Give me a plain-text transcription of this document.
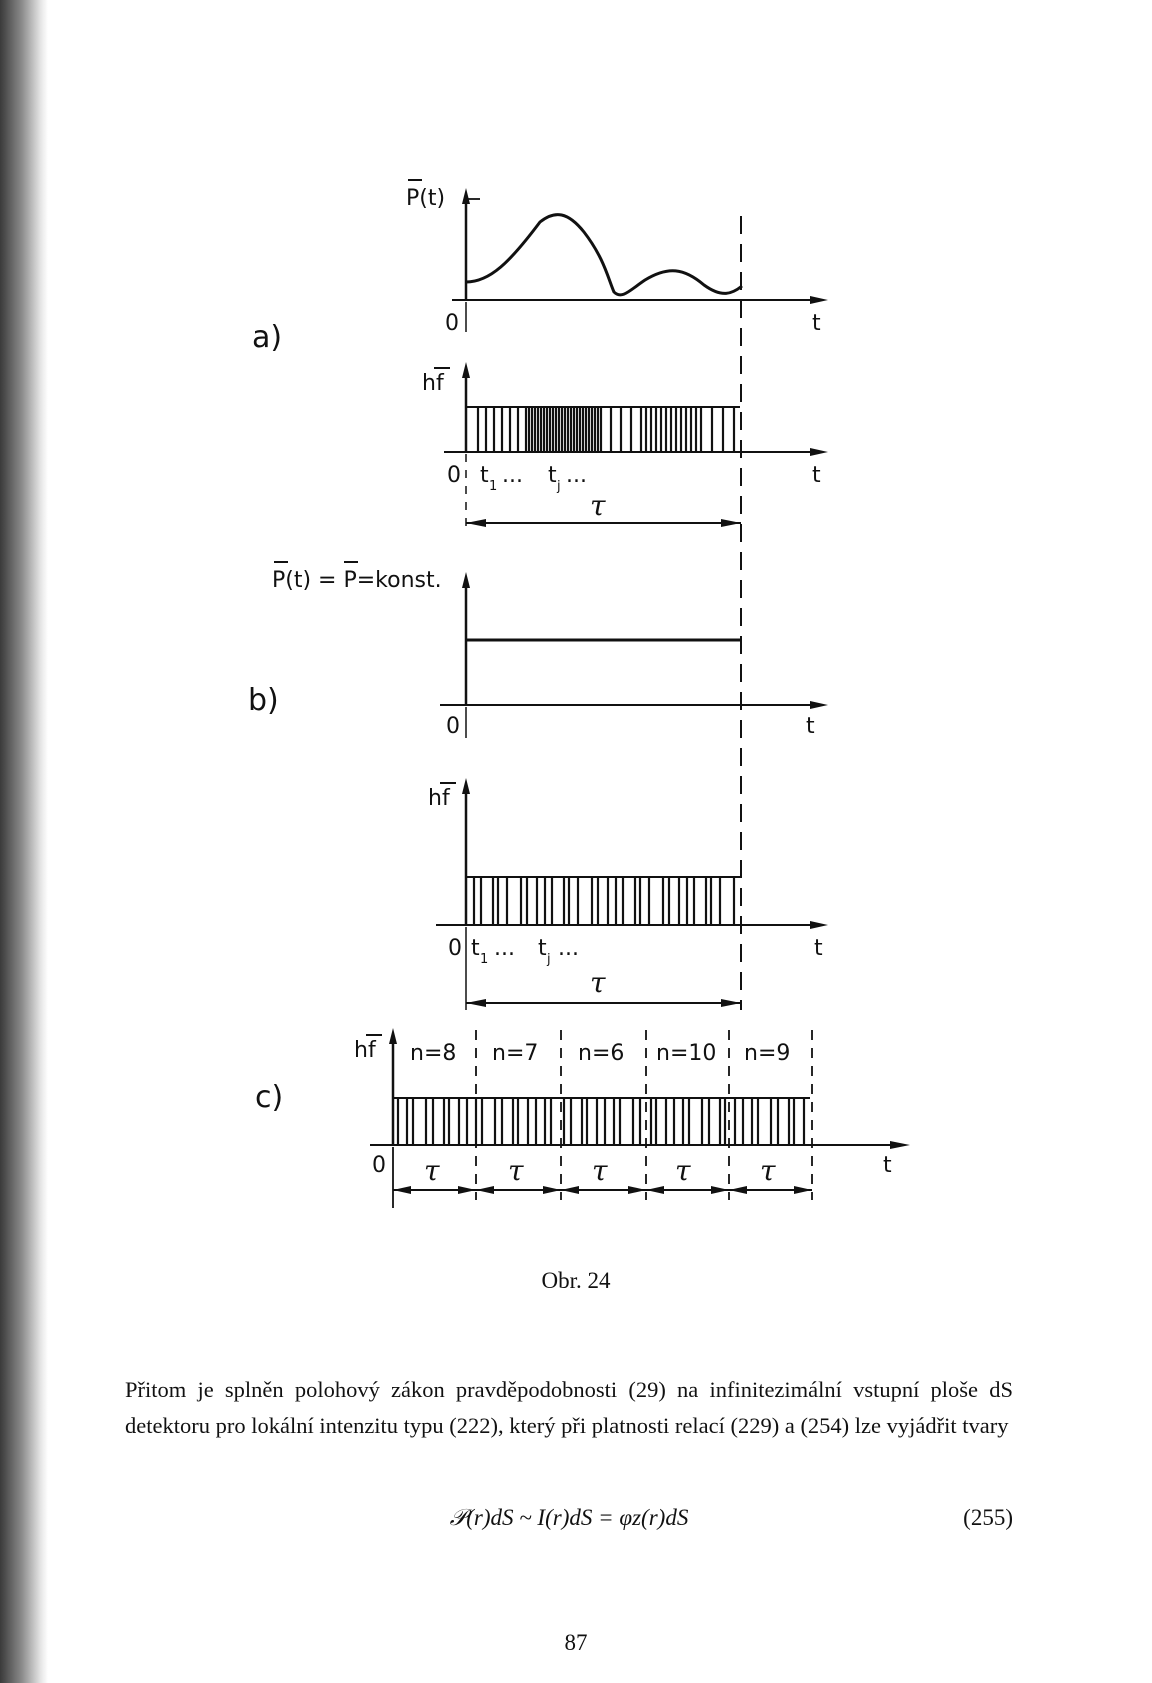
a)
P(t)
0	t
hf
0	t
t 1 ... t j ...
τ
b)
P(t) = P=konst.
0	t
hf
0	t
t 1 ... t j ...
τ
c)
hf
0	t
n=8 n=7 n=6 n=10 n=9
τ τ τ τ τ
Obr. 24
Přitom je splněn polohový zákon pravděpodobnosti (29) na infinitezimální vstupní ploše dS detektoru pro lokální intenzitu typu (222), který při platnosti relací (229) a (254) lze vyjádřit tvary
𝒫(r)dS ~ I(r)dS = φz(r)dS	(255)
87
